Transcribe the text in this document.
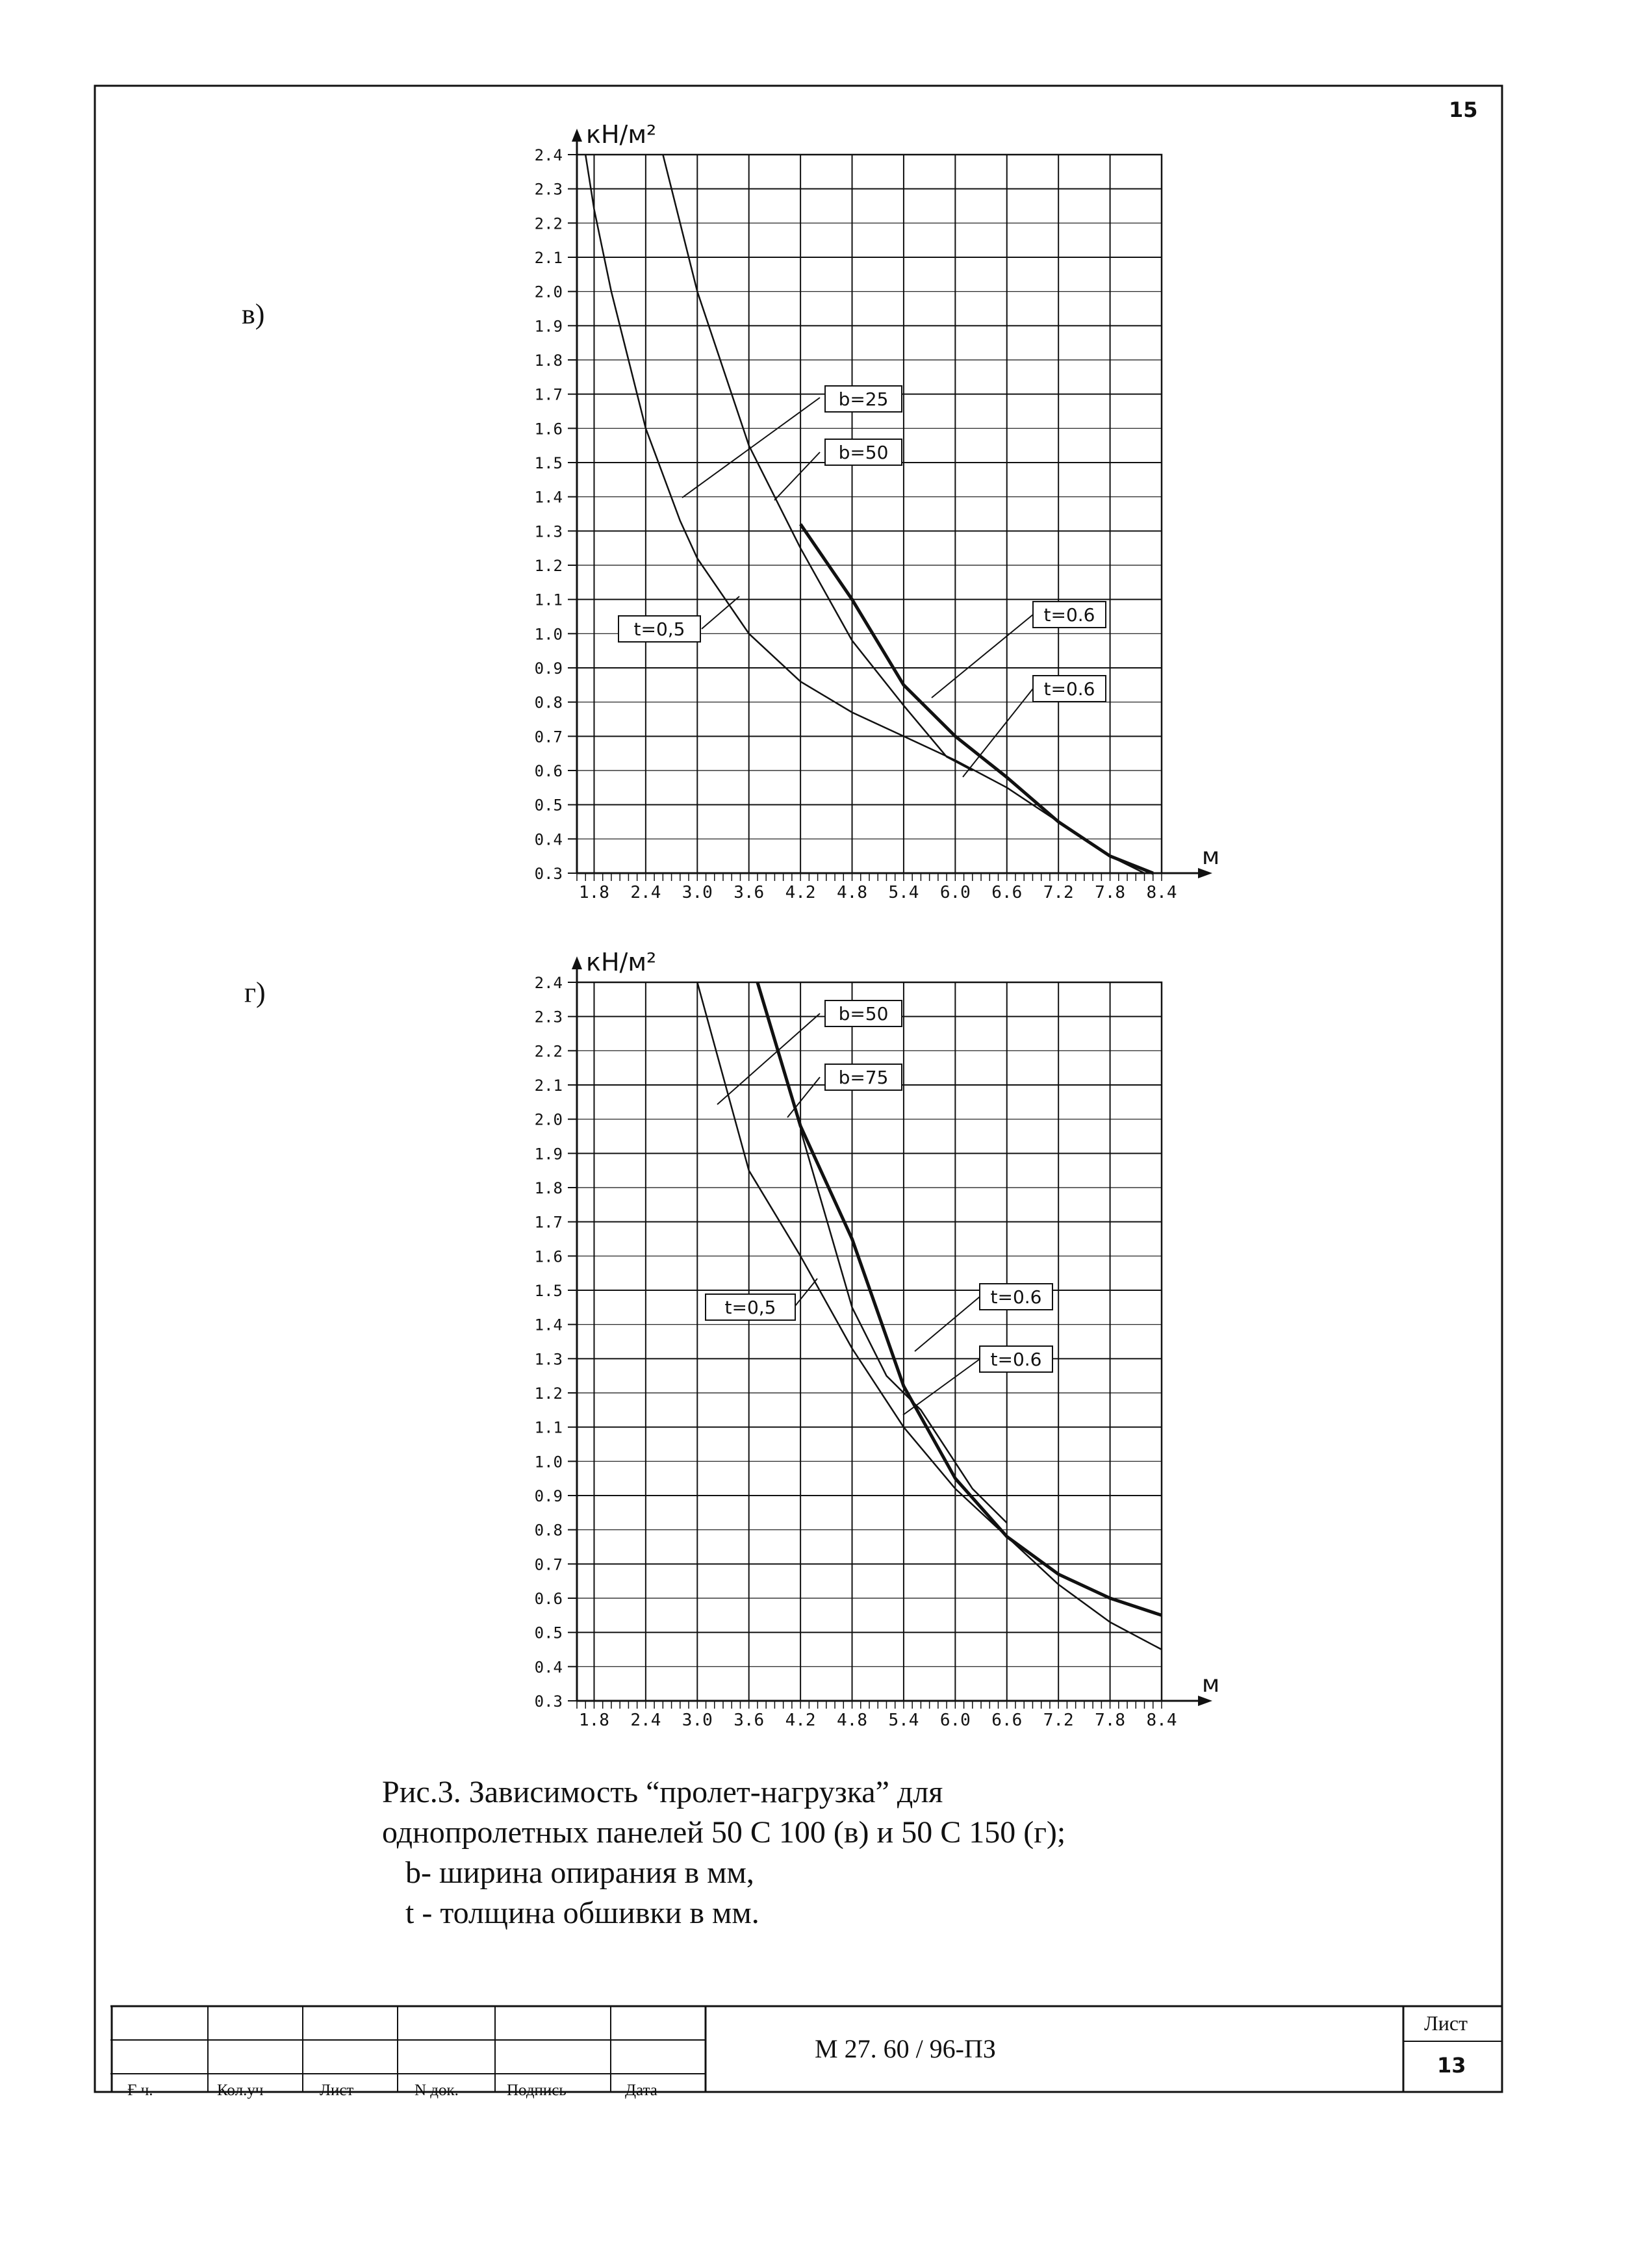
15
в)
г)
1.8 2.4 3.0 3.6 4.2 4.8 5.4 6.0 6.6 7.2 7.8 8.4
0.3
0.4
0.5
0.6
0.7
0.8
0.9
1.0
1.1
1.2
1.3
1.4
1.5
1.6
1.7
1.8
1.9
2.0
2.1
2.2
2.3
2.4
кН/м²
м
b=25
b=50
t=0,5
t=0.6
t=0.6
1.8 2.4 3.0 3.6 4.2 4.8 5.4 6.0 6.6 7.2 7.8 8.4
0.3
0.4
0.5
0.6
0.7
0.8
0.9
1.0
1.1
1.2
1.3
1.4
1.5
1.6
1.7
1.8
1.9
2.0
2.1
2.2
2.3
2.4
кН/м²
м
b=50
b=75
t=0,5	t=0.6
t=0.6
Рис.3. Зависимость “пролет-нагрузка” для
однопролетных панелей 50 С 100 (в) и 50 С 150 (г);
b- ширина опирания в мм,
t - толщина обшивки в мм.
Ғ ч.	Кол.уч	Лист	N док.	Подпись	Дата
М 27. 60 / 96-ПЗ
Лист
13
